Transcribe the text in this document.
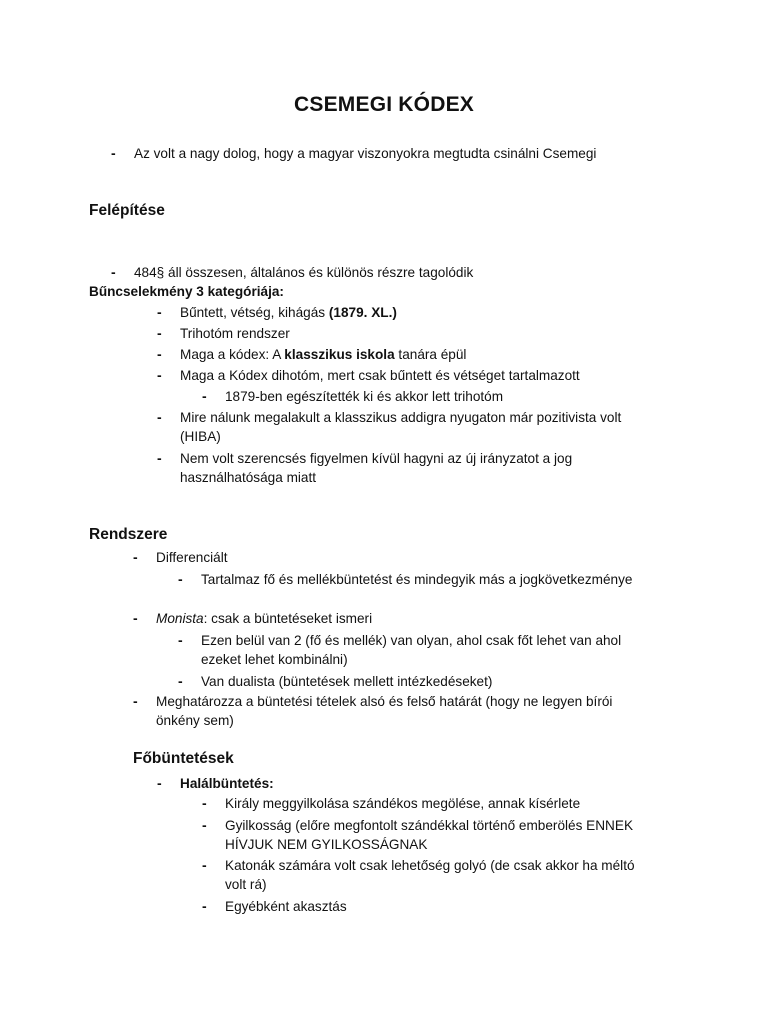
CSEMEGI KÓDEX
- Az volt a nagy dolog, hogy a magyar viszonyokra megtudta csinálni Csemegi
Felépítése
- 484§ áll összesen, általános és különös részre tagolódik
Bűncselekmény 3 kategóriája:
- Bűntett, vétség, kihágás (1879. XL.)
- Trihotóm rendszer
- Maga a kódex: A klasszikus iskola tanára épül
- Maga a Kódex dihotóm, mert csak bűntett és vétséget tartalmazott
- 1879-ben egészítették ki és akkor lett trihotóm
- Mire nálunk megalakult a klasszikus addigra nyugaton már pozitivista volt
(HIBA)
- Nem volt szerencsés figyelmen kívül hagyni az új irányzatot a jog
használhatósága miatt
Rendszere
- Differenciált
- Tartalmaz fő és mellékbüntetést és mindegyik más a jogkövetkezménye
- Monista: csak a büntetéseket ismeri
- Ezen belül van 2 (fő és mellék) van olyan, ahol csak főt lehet van ahol
ezeket lehet kombinálni)
- Van dualista (büntetések mellett intézkedéseket)
- Meghatározza a büntetési tételek alsó és felső határát (hogy ne legyen bírói
önkény sem)
Főbüntetések
- Halálbüntetés:
- Király meggyilkolása szándékos megölése, annak kísérlete
- Gyilkosság (előre megfontolt szándékkal történő emberölés ENNEK
HÍVJUK NEM GYILKOSSÁGNAK
- Katonák számára volt csak lehetőség golyó (de csak akkor ha méltó
volt rá)
- Egyébként akasztás
